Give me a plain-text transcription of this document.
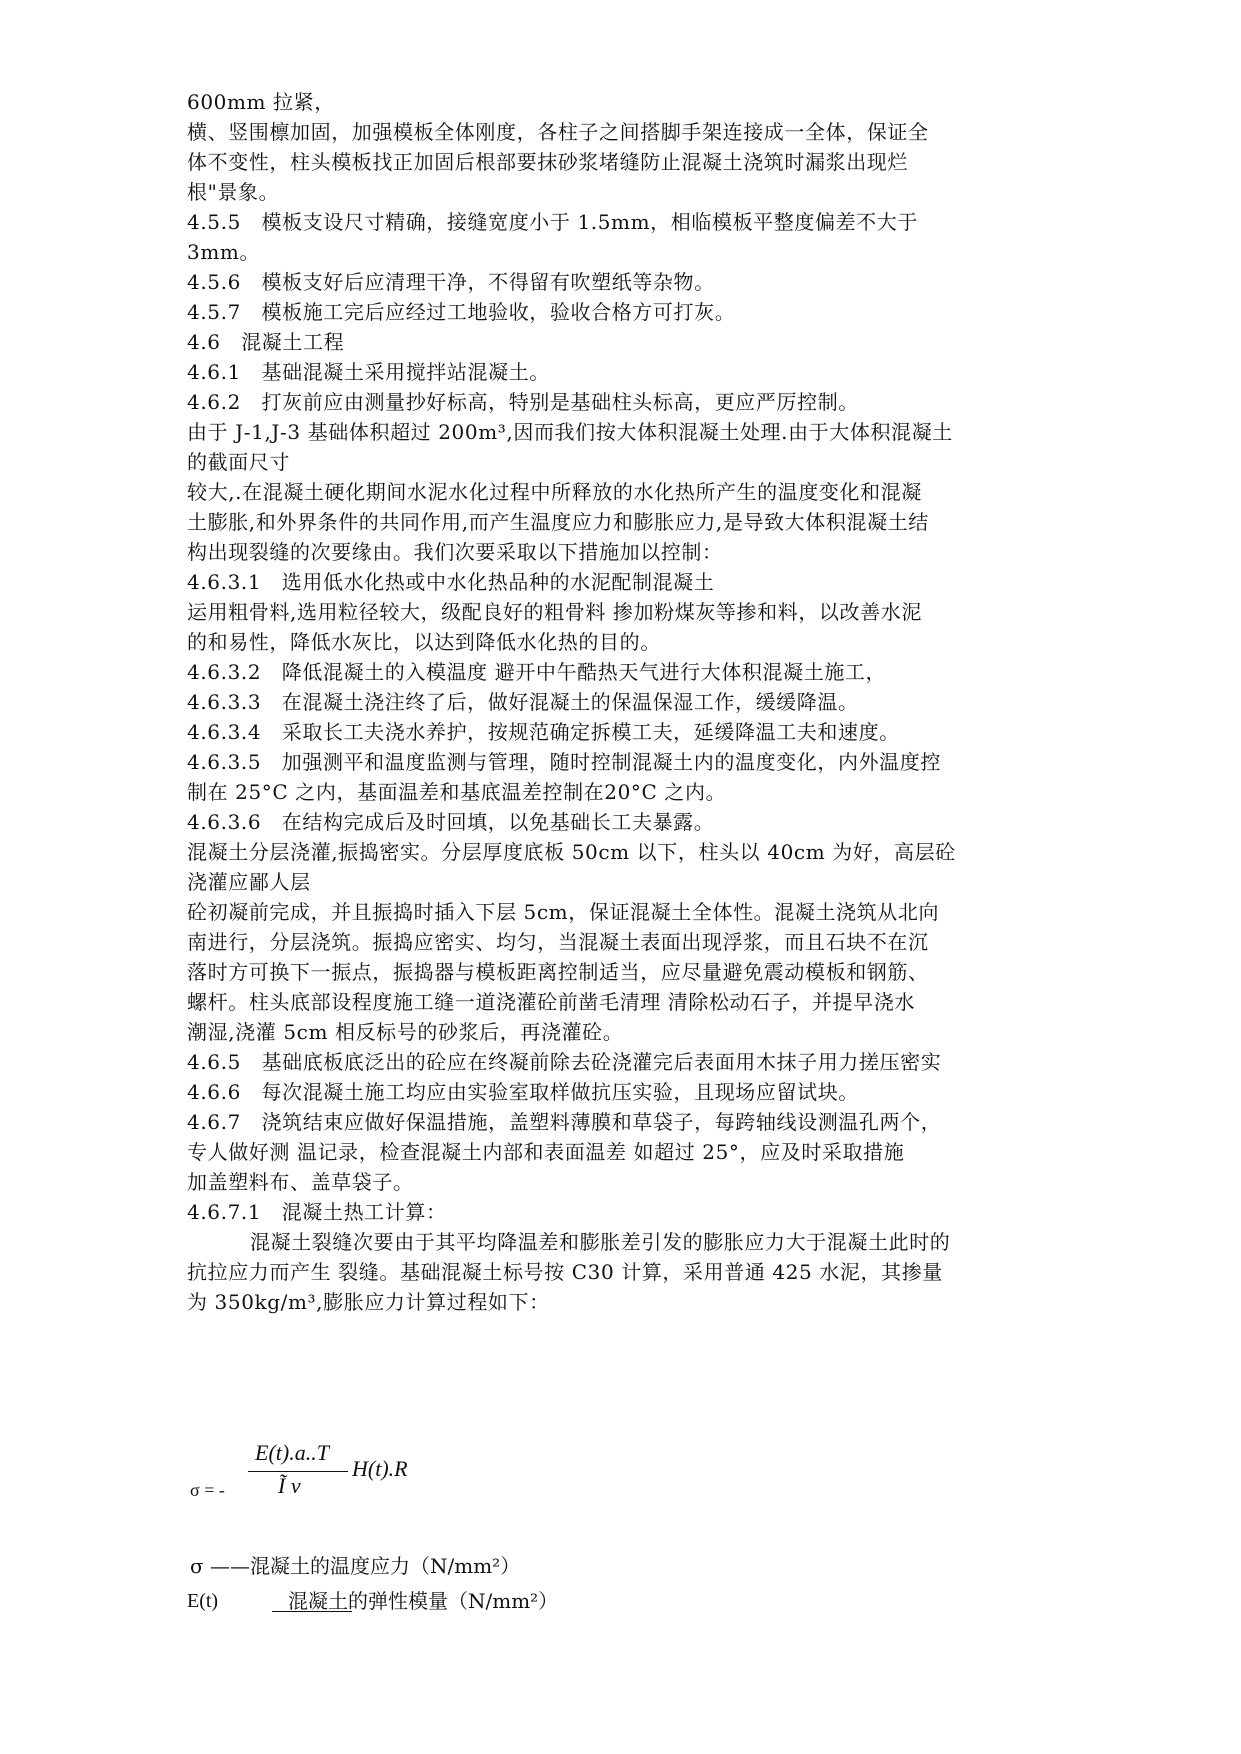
600mm 拉紧，
横、竖围檩加固，加强模板全体刚度，各柱子之间搭脚手架连接成一全体，保证全
体不变性，柱头模板找正加固后根部要抹砂浆堵缝防止混凝土浇筑时漏浆出现烂
根"景象。
4.5.5　模板支设尺寸精确，接缝宽度小于 1.5mm，相临模板平整度偏差不大于
3mm。
4.5.6　模板支好后应清理干净，不得留有吹塑纸等杂物。
4.5.7　模板施工完后应经过工地验收，验收合格方可打灰。
4.6　混凝土工程
4.6.1　基础混凝土采用搅拌站混凝土。
4.6.2　打灰前应由测量抄好标高，特别是基础柱头标高，更应严厉控制。
由于 J-1,J-3 基础体积超过 200m³,因而我们按大体积混凝土处理.由于大体积混凝土
的截面尺寸
较大,.在混凝土硬化期间水泥水化过程中所释放的水化热所产生的温度变化和混凝
土膨胀,和外界条件的共同作用,而产生温度应力和膨胀应力,是导致大体积混凝土结
构出现裂缝的次要缘由。我们次要采取以下措施加以控制：
4.6.3.1　选用低水化热或中水化热品种的水泥配制混凝土
运用粗骨料,选用粒径较大，级配良好的粗骨料 掺加粉煤灰等掺和料，以改善水泥
的和易性，降低水灰比，以达到降低水化热的目的。
4.6.3.2　降低混凝土的入模温度 避开中午酷热天气进行大体积混凝土施工，
4.6.3.3　在混凝土浇注终了后，做好混凝土的保温保湿工作，缓缓降温。
4.6.3.4　采取长工夫浇水养护，按规范确定拆模工夫，延缓降温工夫和速度。
4.6.3.5　加强测平和温度监测与管理，随时控制混凝土内的温度变化，内外温度控
制在 25°C 之内，基面温差和基底温差控制在20°C 之内。
4.6.3.6　在结构完成后及时回填，以免基础长工夫暴露。
混凝土分层浇灌,振捣密实。分层厚度底板 50cm 以下，柱头以 40cm 为好，高层砼
浇灌应鄙人层
砼初凝前完成，并且振捣时插入下层 5cm，保证混凝土全体性。混凝土浇筑从北向
南进行，分层浇筑。振捣应密实、均匀，当混凝土表面出现浮浆，而且石块不在沉
落时方可换下一振点，振捣器与模板距离控制适当，应尽量避免震动模板和钢筋、
螺杆。柱头底部设程度施工缝一道浇灌砼前凿毛清理 清除松动石子，并提早浇水
潮湿,浇灌 5cm 相反标号的砂浆后，再浇灌砼。
4.6.5　基础底板底泛出的砼应在终凝前除去砼浇灌完后表面用木抹子用力搓压密实
4.6.6　每次混凝土施工均应由实验室取样做抗压实验，且现场应留试块。
4.6.7　浇筑结束应做好保温措施，盖塑料薄膜和草袋子，每跨轴线设测温孔两个，
专人做好测 温记录，检查混凝土内部和表面温差 如超过 25°，应及时采取措施
加盖塑料布、盖草袋子。
4.6.7.1　混凝土热工计算：
混凝土裂缝次要由于其平均降温差和膨胀差引发的膨胀应力大于混凝土此时的
抗拉应力而产生 裂缝。基础混凝土标号按 C30 计算，采用普通 425 水泥，其掺量
为 350kg/m³,膨胀应力计算过程如下：
σ = -
E(t).a..T
Ĩ v
H(t).R
σ ——混凝土的温度应力（N/mm²）
E(t)	混凝土的弹性模量（N/mm²）
